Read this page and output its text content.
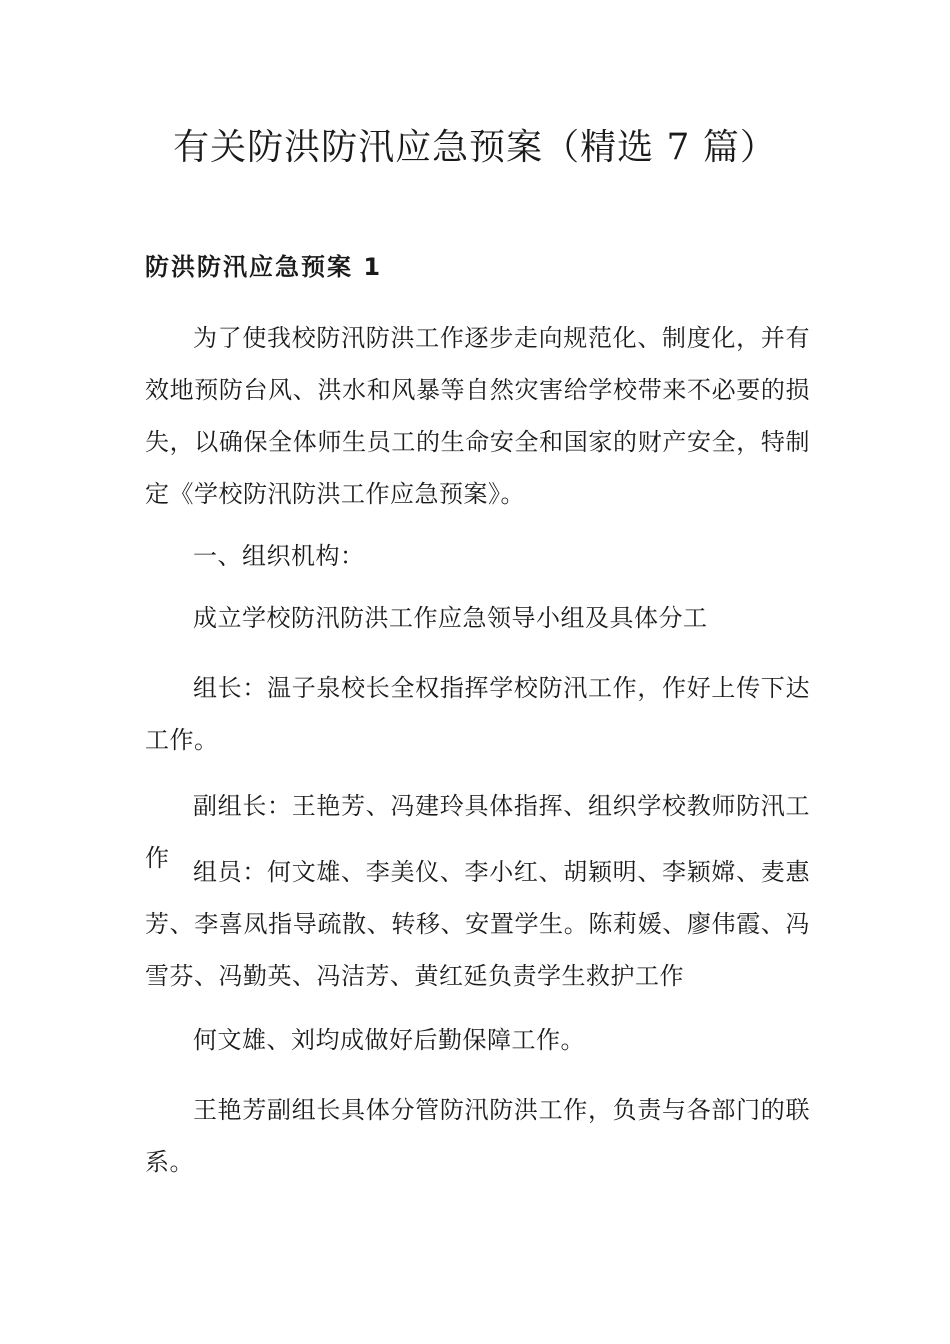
有关防洪防汛应急预案（精选 7 篇）
防洪防汛应急预案 1

为了使我校防汛防洪工作逐步走向规范化、制度化，并有效地预防台风、洪水和风暴等自然灾害给学校带来不必要的损失，以确保全体师生员工的生命安全和国家的财产安全，特制定《学校防汛防洪工作应急预案》。

一、组织机构：

成立学校防汛防洪工作应急领导小组及具体分工

组长：温子泉校长全权指挥学校防汛工作，作好上传下达工作。

副组长：王艳芳、冯建玲具体指挥、组织学校教师防汛工作 组员：何文雄、李美仪、李小红、胡颖明、李颖嫦、麦惠芳、李喜凤指导疏散、转移、安置学生。陈莉媛、廖伟霞、冯雪芬、冯勤英、冯洁芳、黄红延负责学生救护工作

何文雄、刘均成做好后勤保障工作。

王艳芳副组长具体分管防汛防洪工作，负责与各部门的联系。
